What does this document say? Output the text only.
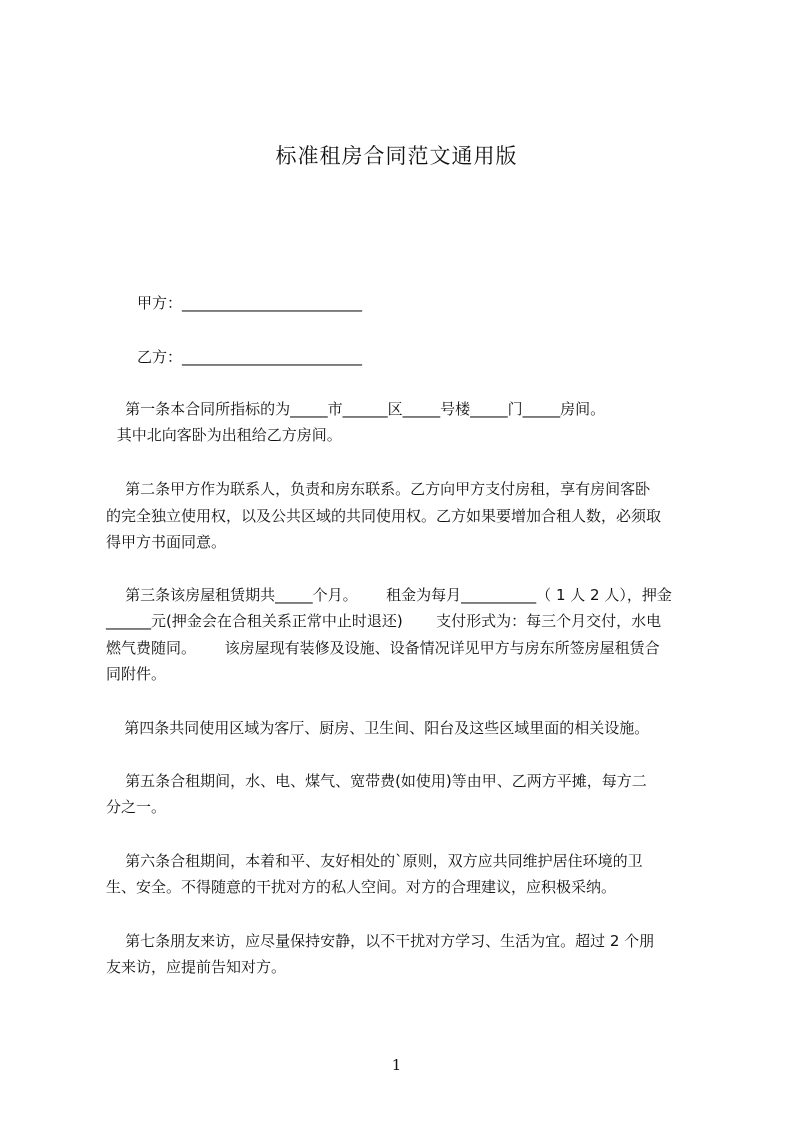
标准租房合同范文通用版
甲方：________________________
乙方：________________________
第一条本合同所指标的为_____市______区_____号楼_____门_____房间。
其中北向客卧为出租给乙方房间。
第二条甲方作为联系人，负责和房东联系。乙方向甲方支付房租，享有房间客卧
的完全独立使用权，以及公共区域的共同使用权。乙方如果要增加合租人数，必须取
得甲方书面同意。
第三条该房屋租赁期共_____个月。      租金为每月__________（ 1 人 2 人），押金
______元(押金会在合租关系正常中止时退还)       支付形式为：每三个月交付，水电
燃气费随同。      该房屋现有装修及设施、设备情况详见甲方与房东所签房屋租赁合
同附件。
第四条共同使用区域为客厅、厨房、卫生间、阳台及这些区域里面的相关设施。
第五条合租期间，水、电、煤气、宽带费(如使用)等由甲、乙两方平摊，每方二
分之一。
第六条合租期间，本着和平、友好相处的`原则，双方应共同维护居住环境的卫
生、安全。不得随意的干扰对方的私人空间。对方的合理建议，应积极采纳。
第七条朋友来访，应尽量保持安静，以不干扰对方学习、生活为宜。超过 2 个朋
友来访，应提前告知对方。
1
